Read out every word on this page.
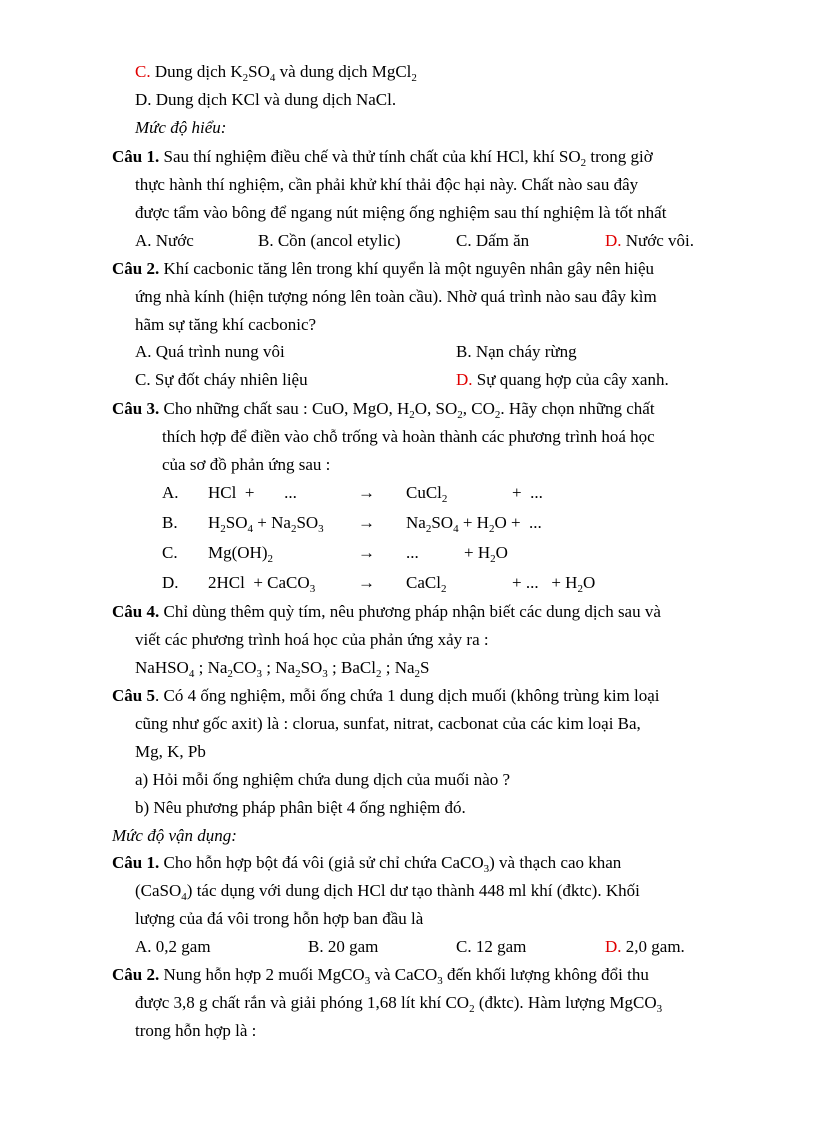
C. Dung dịch $K_2SO_4$ và dung dịch MgCl$_2$
D. Dung dịch KCl và dung dịch NaCl.
Mức độ hiểu:
Câu 1. Sau thí nghiệm điều chế và thử tính chất của khí HCl, khí $SO_2$ trong giờ
thực hành thí nghiệm, cần phải khử khí thải độc hại này. Chất nào sau đây
được tẩm vào bông để ngang nút miệng ống nghiệm sau thí nghiệm là tốt nhất
A. Nước	B. Cồn (ancol etylic)	C. Dấm ăn	D. Nước vôi.
Câu 2. Khí cacbonic tăng lên trong khí quyển là một nguyên nhân gây nên hiệu
ứng nhà kính (hiện tượng nóng lên toàn cầu). Nhờ quá trình nào sau đây kìm
hãm sự tăng khí cacbonic?
A. Quá trình nung vôi	B. Nạn cháy rừng
C. Sự đốt cháy nhiên liệu	D. Sự quang hợp của cây xanh.
Câu 3. Cho những chất sau : CuO, MgO, $H_2O$, $SO_2$, $CO_2$. Hãy chọn những chất
thích hợp để điền vào chỗ trống và hoàn thành các phương trình hoá học
của sơ đồ phản ứng sau :
A. HCl  +       ...	→ CuCl$_2$	+  ...
B. $H_2SO_4 + Na_2SO_3 \to Na_2SO_4 + H_2O$ +  ...
C. $Mg(OH)_2$	→ ...	+ $H_2O$
D. 2HCl  + CaCO$_3$	→ CaCl$_2$	+ ...   + $H_2O$
Câu 4. Chỉ dùng thêm quỳ tím, nêu phương pháp nhận biết các dung dịch sau và
viết các phương trình hoá học của phản ứng xảy ra :
NaHSO$_4$ ; $Na_2CO_3$ ; $Na_2SO_3$ ; BaCl$_2$ ; $Na_2S$
Câu 5. Có 4 ống nghiệm, mỗi ống chứa 1 dung dịch muối (không trùng kim loại
cũng như gốc axit) là : clorua, sunfat, nitrat, cacbonat của các kim loại Ba,
Mg, K, Pb
a) Hỏi mỗi ống nghiệm chứa dung dịch của muối nào ?
b) Nêu phương pháp phân biệt 4 ống nghiệm đó.
Mức độ vận dụng:
Câu 1. Cho hỗn hợp bột đá vôi (giả sử chỉ chứa CaCO$_3$) và thạch cao khan
(CaSO$_4$) tác dụng với dung dịch HCl dư tạo thành 448 ml khí (đktc). Khối
lượng của đá vôi trong hỗn hợp ban đầu là
A. 0,2 gam	B. 20 gam	C. 12 gam	D. 2,0 gam.
Câu 2. Nung hỗn hợp 2 muối MgCO$_3$ và CaCO$_3$ đến khối lượng không đổi thu
được 3,8 g chất rắn và giải phóng 1,68 lít khí $CO_2$ (đktc). Hàm lượng MgCO$_3$
trong hỗn hợp là :
